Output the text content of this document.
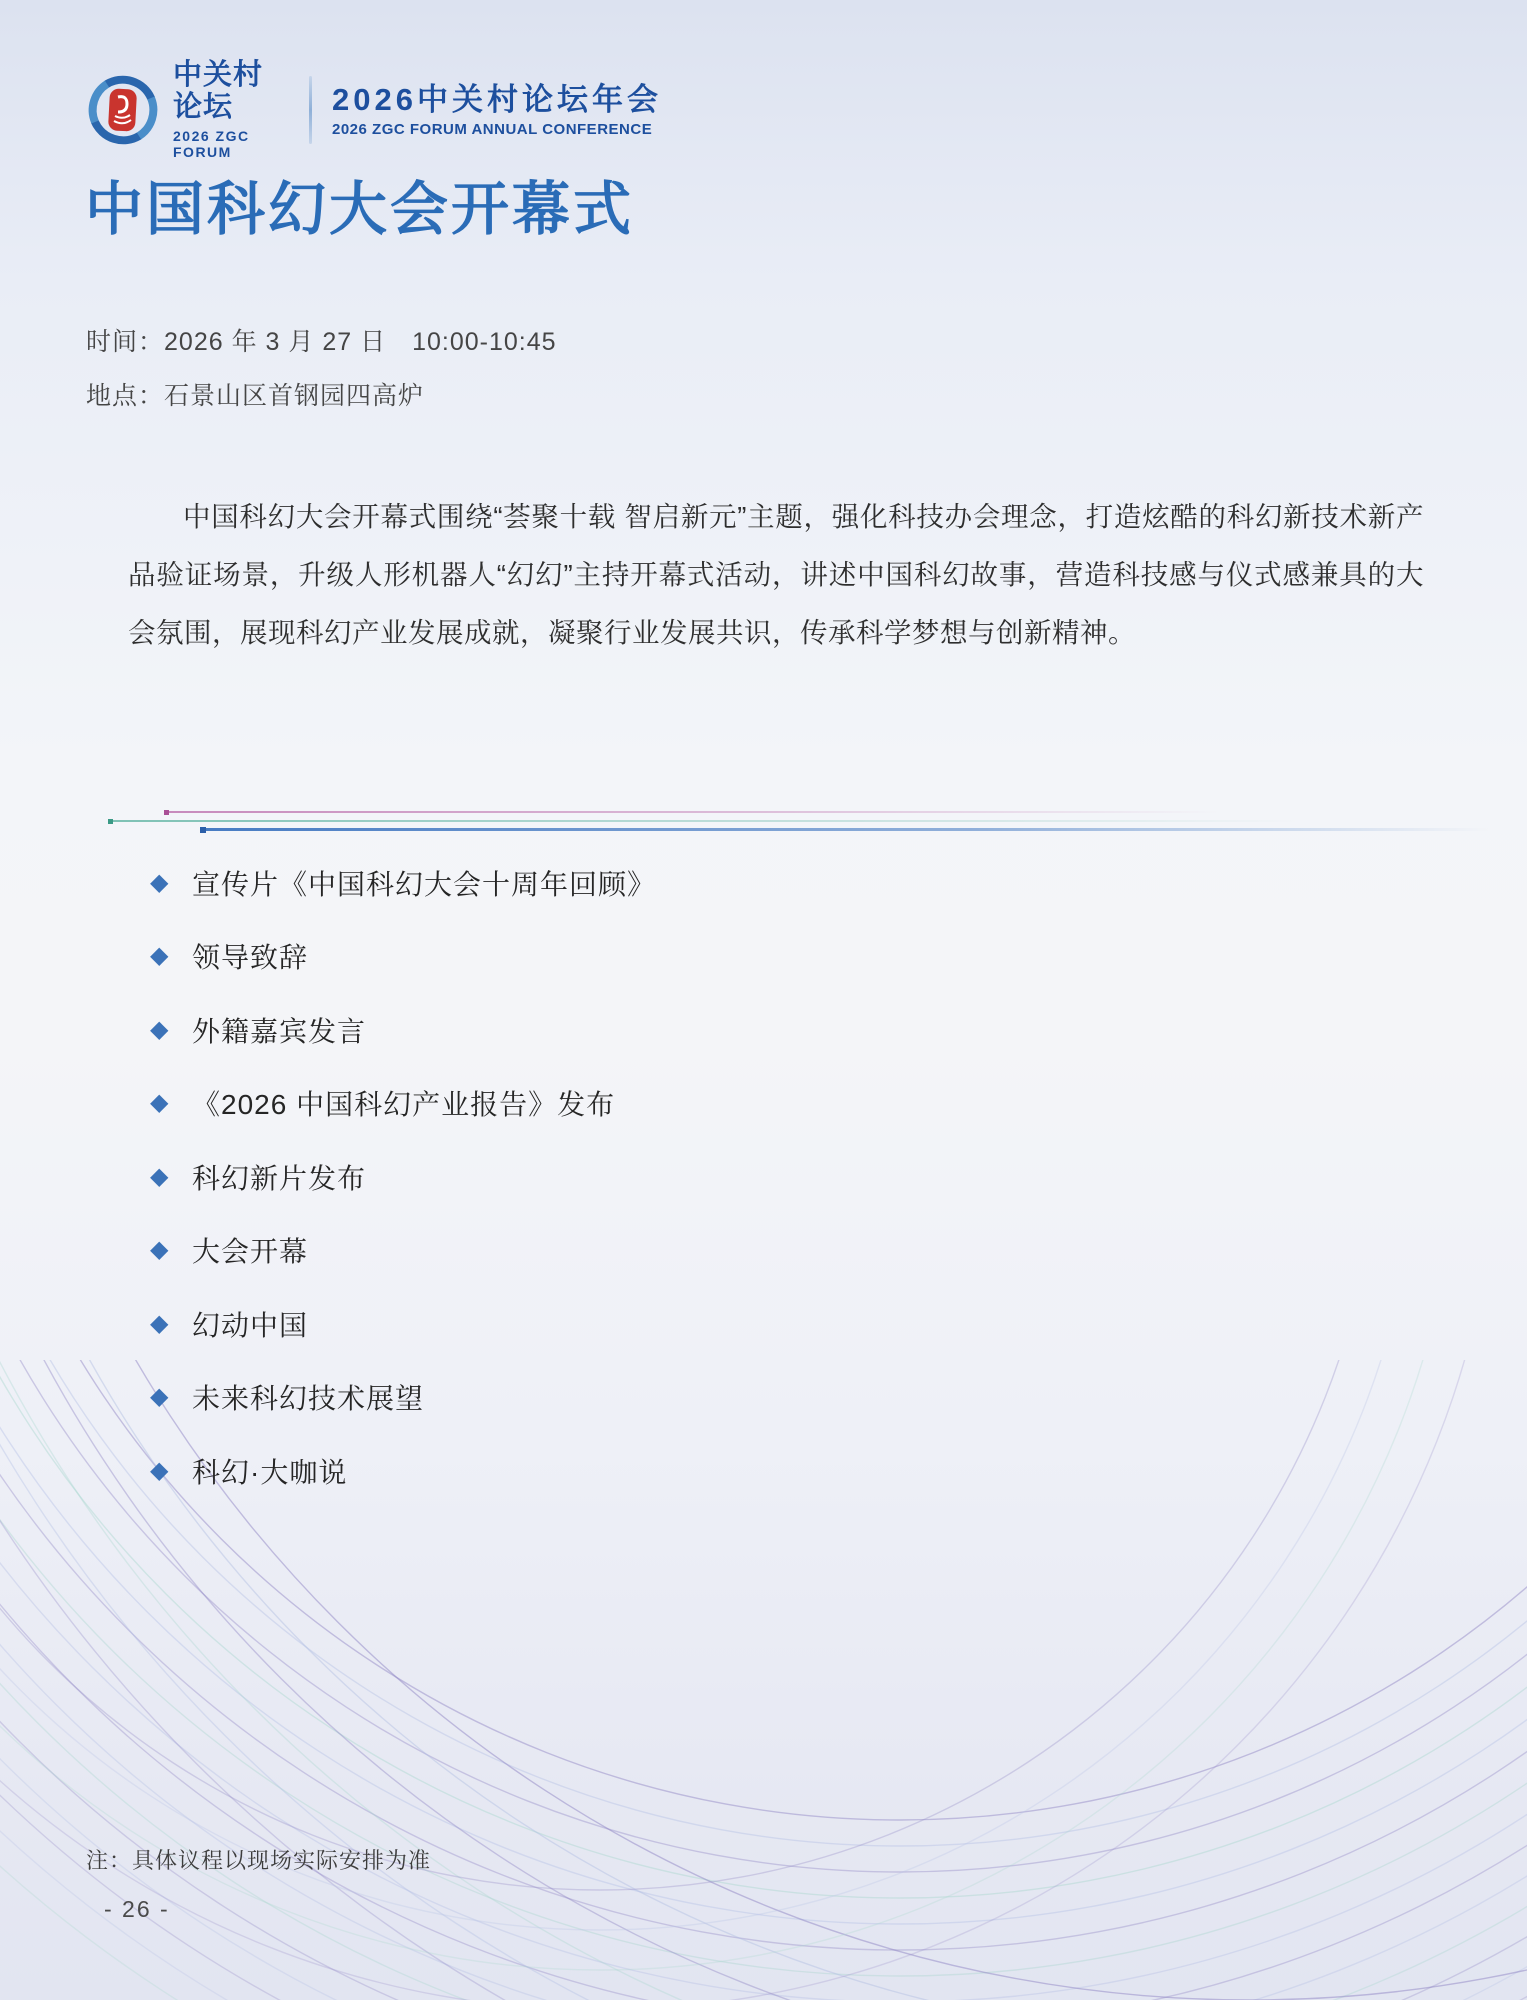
中关村论坛
2026 ZGC FORUM
2026中关村论坛年会
2026 ZGC FORUM ANNUAL CONFERENCE
中国科幻大会开幕式
时间：2026 年 3 月 27 日　10:00-10:45
地点：石景山区首钢园四高炉

中国科幻大会开幕式围绕“荟聚十载 智启新元”主题，强化科技办会理念，打造炫酷的科幻新技术新产品验证场景，升级人形机器人“幻幻”主持开幕式活动，讲述中国科幻故事，营造科技感与仪式感兼具的大会氛围，展现科幻产业发展成就，凝聚行业发展共识，传承科学梦想与创新精神。

◆ 宣传片《中国科幻大会十周年回顾》
◆ 领导致辞
◆ 外籍嘉宾发言
◆ 《2026 中国科幻产业报告》发布
◆ 科幻新片发布
◆ 大会开幕
◆ 幻动中国
◆ 未来科幻技术展望
◆ 科幻·大咖说
注：具体议程以现场实际安排为准
- 26 -
